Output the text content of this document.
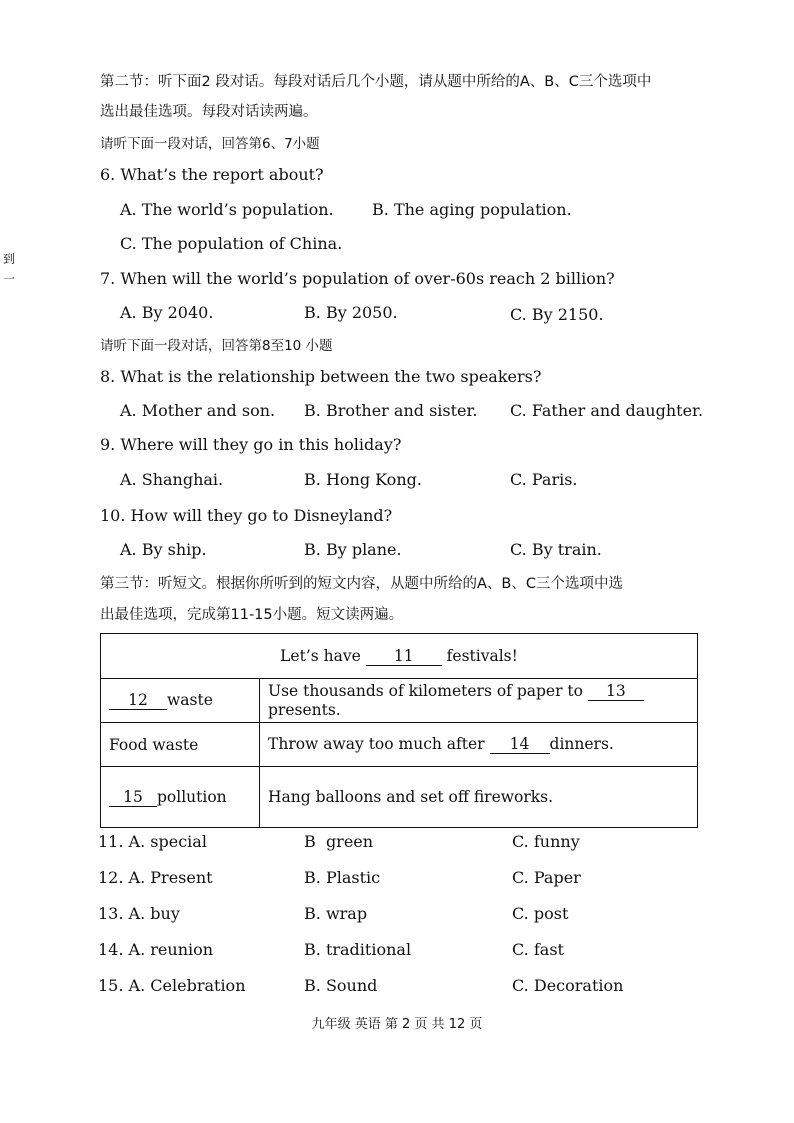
到
一
第二节：听下面2 段对话。每段对话后几个小题，请从题中所给的A、B、C三个选项中
选出最佳选项。每段对话读两遍。
请听下面一段对话，回答第6、7小题
6. What’s the report about?
A. The world’s population. B. The aging population.
C. The population of China.
7. When will the world’s population of over-60s reach 2 billion?
A. By 2040.	B. By 2050.	C. By 2150.
请听下面一段对话，回答第8至10 小题
8. What is the relationship between the two speakers?
A. Mother and son. B. Brother and sister. C. Father and daughter.
9. Where will they go in this holiday?
A. Shanghai.	B. Hong Kong.	C. Paris.
10. How will they go to Disneyland?
A. By ship.	B. By plane.	C. By train.
第三节：听短文。根据你所听到的短文内容，从题中所给的A、B、C三个选项中选
出最佳选项，完成第11-15小题。短文读两遍。
Let’s have 11 festivals!	
12 waste	Use thousands of kilometers of paper to 13presents.
Food waste	Throw away too much after 14 dinners.
15 pollution	Hang balloons and set off fireworks.
11. A. special	B green	C. funny
12. A. Present	B. Plastic	C. Paper
13. A. buy	B. wrap	C. post
14. A. reunion	B. traditional	C. fast
15. A. Celebration	B. Sound	C. Decoration
九年级 英语 第 2 页 共 12 页
